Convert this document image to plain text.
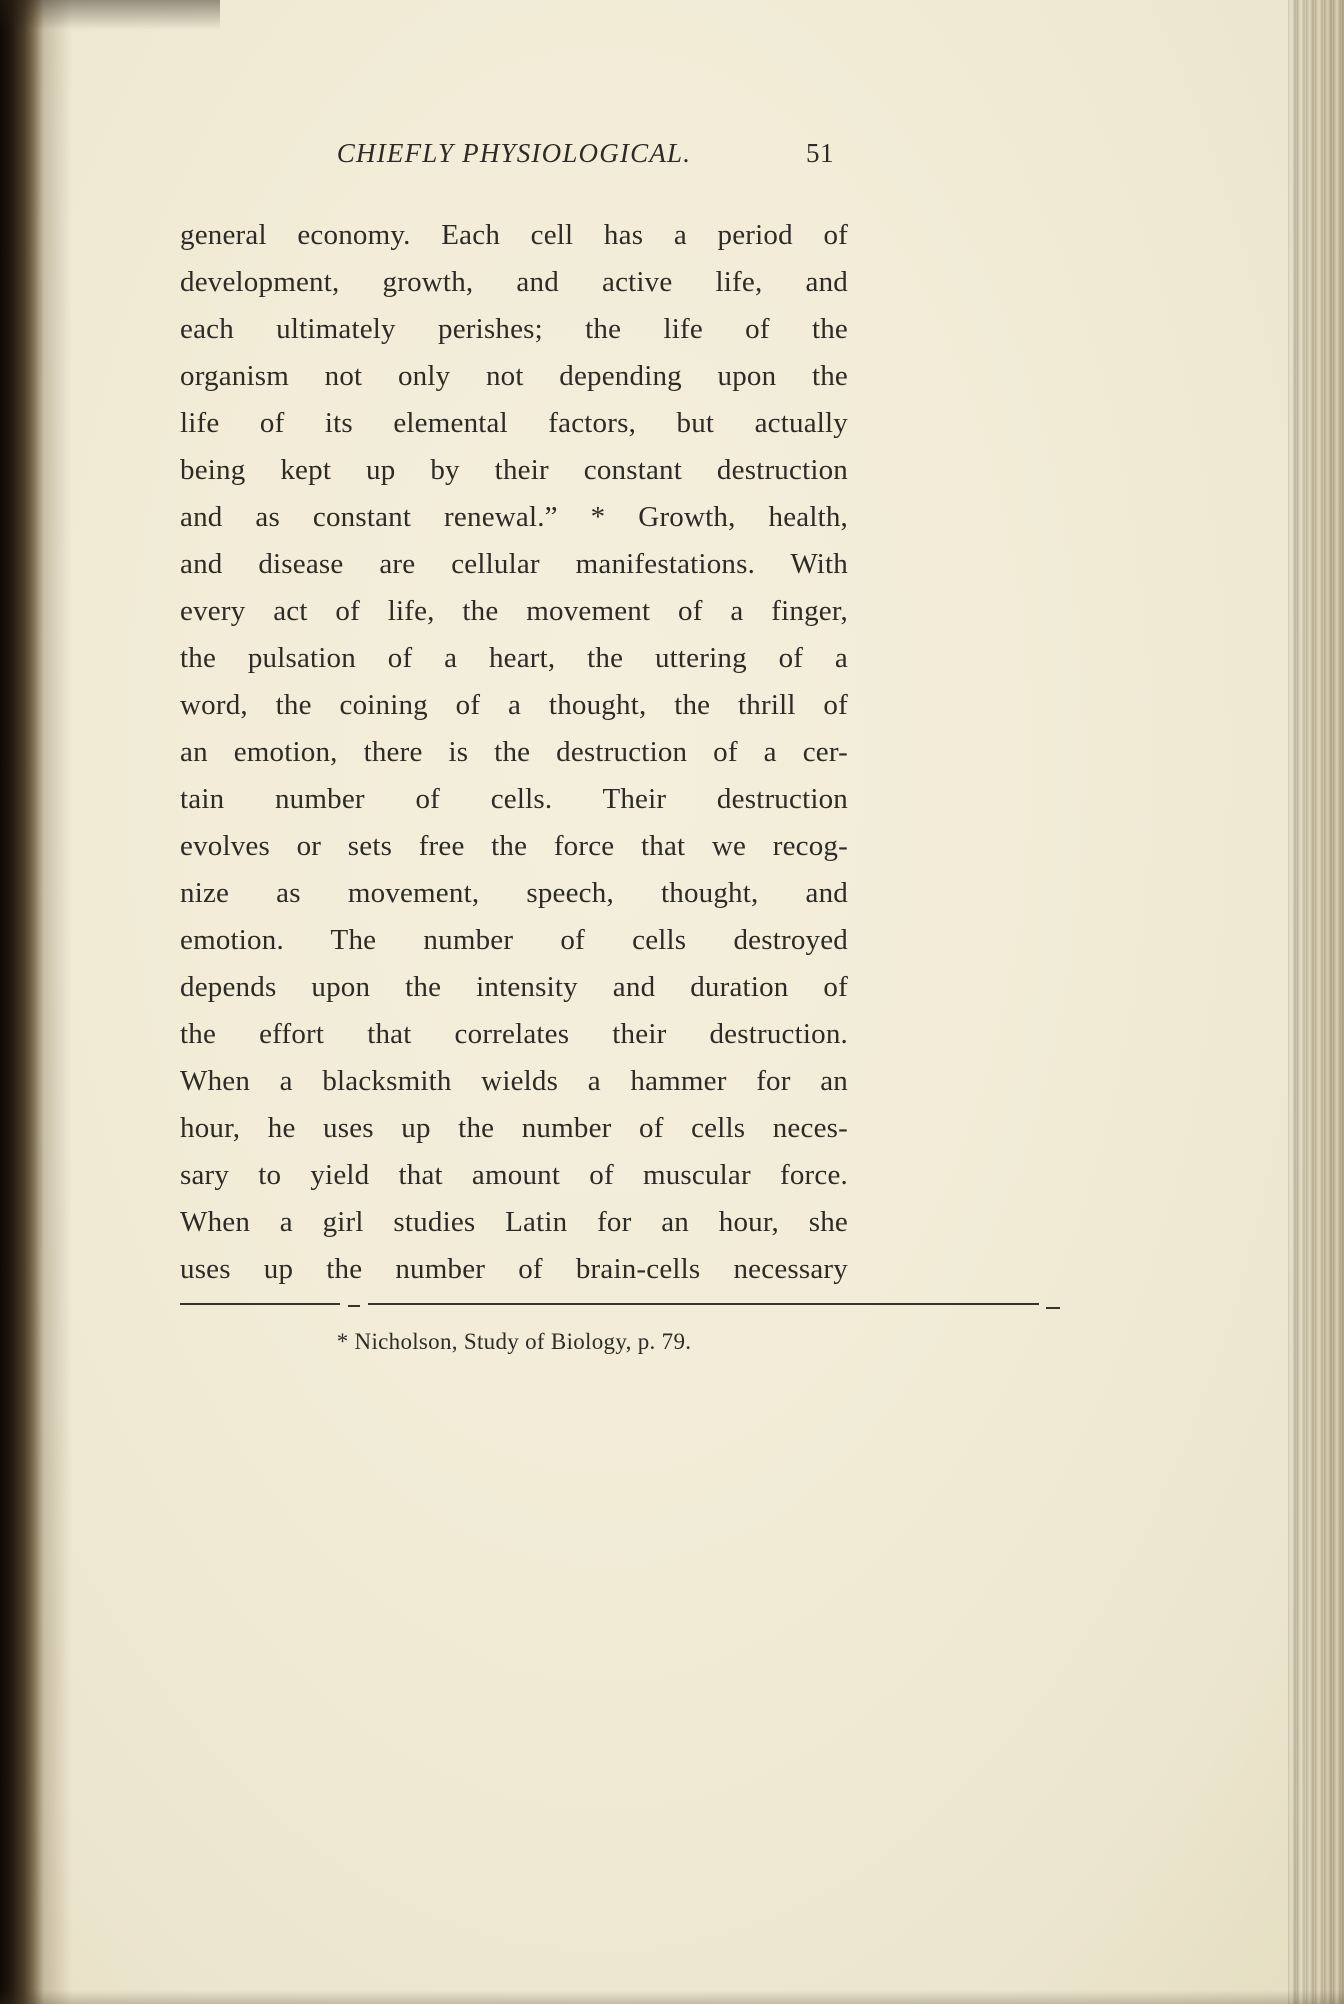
CHIEFLY PHYSIOLOGICAL.	51
general economy. Each cell has a period of
development, growth, and active life, and
each ultimately perishes; the life of the
organism not only not depending upon the
life of its elemental factors, but actually
being kept up by their constant destruction
and as constant renewal.” * Growth, health,
and disease are cellular manifestations. With
every act of life, the movement of a finger,
the pulsation of a heart, the uttering of a
word, the coining of a thought, the thrill of
an emotion, there is the destruction of a cer-
tain number of cells. Their destruction
evolves or sets free the force that we recog-
nize as movement, speech, thought, and
emotion. The number of cells destroyed
depends upon the intensity and duration of
the effort that correlates their destruction.
When a blacksmith wields a hammer for an
hour, he uses up the number of cells neces-
sary to yield that amount of muscular force.
When a girl studies Latin for an hour, she
uses up the number of brain-cells necessary
* Nicholson, Study of Biology, p. 79.
